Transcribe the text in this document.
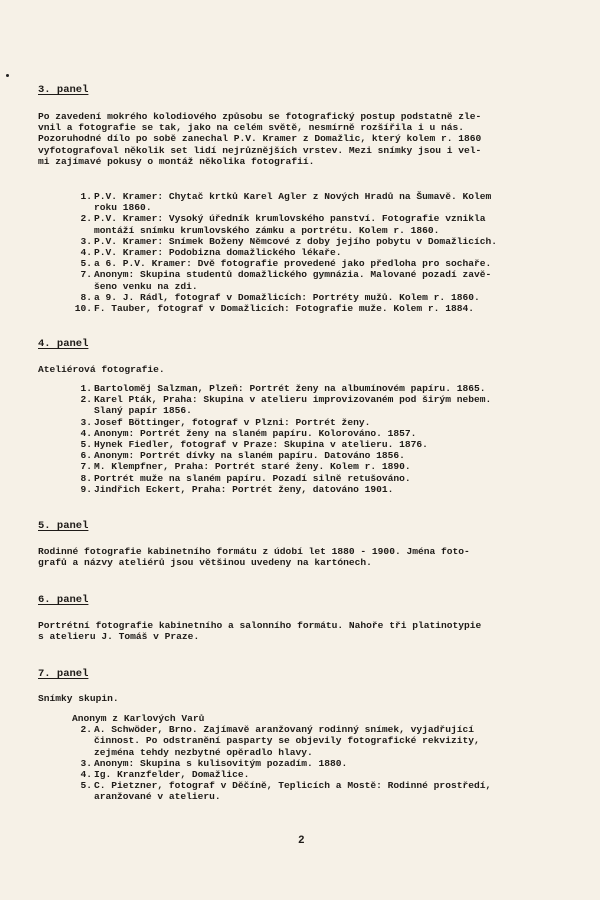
3. panel
Po zavedení mokrého kolodiového způsobu se fotografický postup podstatně zle-
vnil a fotografie se tak, jako na celém světě, nesmírně rozšířila i u nás.
Pozoruhodné dílo po sobě zanechal P.V. Kramer z Domažlic, který kolem r. 1860
vyfotografoval několik set lidí nejrůznějších vrstev. Mezi snímky jsou i vel-
mi zajímavé pokusy o montáž několika fotografií.
1. P.V. Kramer: Chytač krtků Karel Agler z Nových Hradů na Šumavě. Kolem
roku 1860.
2. P.V. Kramer: Vysoký úředník krumlovského panství. Fotografie vznikla
montáží snímku krumlovského zámku a portrétu. Kolem r. 1860.
3. P.V. Kramer: Snímek Boženy Němcové z doby jejího pobytu v Domažlicích.
4. P.V. Kramer: Podobizna domažlického lékaře.
5. a 6. P.V. Kramer: Dvě fotografie provedené jako předloha pro sochaře.
7. Anonym: Skupina studentů domažlického gymnázia. Malované pozadí zavě-
šeno venku na zdi.
8. a 9. J. Rádl, fotograf v Domažlicích: Portréty mužů. Kolem r. 1860.
10. F. Tauber, fotograf v Domažlicích: Fotografie muže. Kolem r. 1884.
4. panel
Ateliérová fotografie.
1. Bartoloměj Salzman, Plzeň: Portrét ženy na albumínovém papíru. 1865.
2. Karel Pták, Praha: Skupina v atelieru improvizovaném pod širým nebem.
Slaný papír 1856.
3. Josef Böttinger, fotograf v Plzni: Portrét ženy.
4. Anonym: Portrét ženy na slaném papíru. Kolorováno. 1857.
5. Hynek Fiedler, fotograf v Praze: Skupina v atelieru. 1876.
6. Anonym: Portrét dívky na slaném papíru. Datováno 1856.
7. M. Klempfner, Praha: Portrét staré ženy. Kolem r. 1890.
8. Portrét muže na slaném papíru. Pozadí silně retušováno.
9. Jindřich Eckert, Praha: Portrét ženy, datováno 1901.
5. panel
Rodinné fotografie kabinetního formátu z údobí let 1880 - 1900. Jména foto-
grafů a názvy ateliérů jsou většinou uvedeny na kartónech.
6. panel
Portrétní fotografie kabinetního a salonního formátu. Nahoře tři platinotypie
s atelieru J. Tomáš v Praze.
7. panel
Snímky skupin.
Anonym z Karlových Varů
2. A. Schwöder, Brno. Zajímavě aranžovaný rodinný snímek, vyjadřující
činnost. Po odstranění pasparty se objevily fotografické rekvizity,
zejména tehdy nezbytné opěradlo hlavy.
3. Anonym: Skupina s kulisovitým pozadím. 1880.
4. Ig. Kranzfelder, Domažlice.
5. C. Pietzner, fotograf v Děčíně, Teplicích a Mostě: Rodinné prostředí,
aranžované v atelieru.
2
